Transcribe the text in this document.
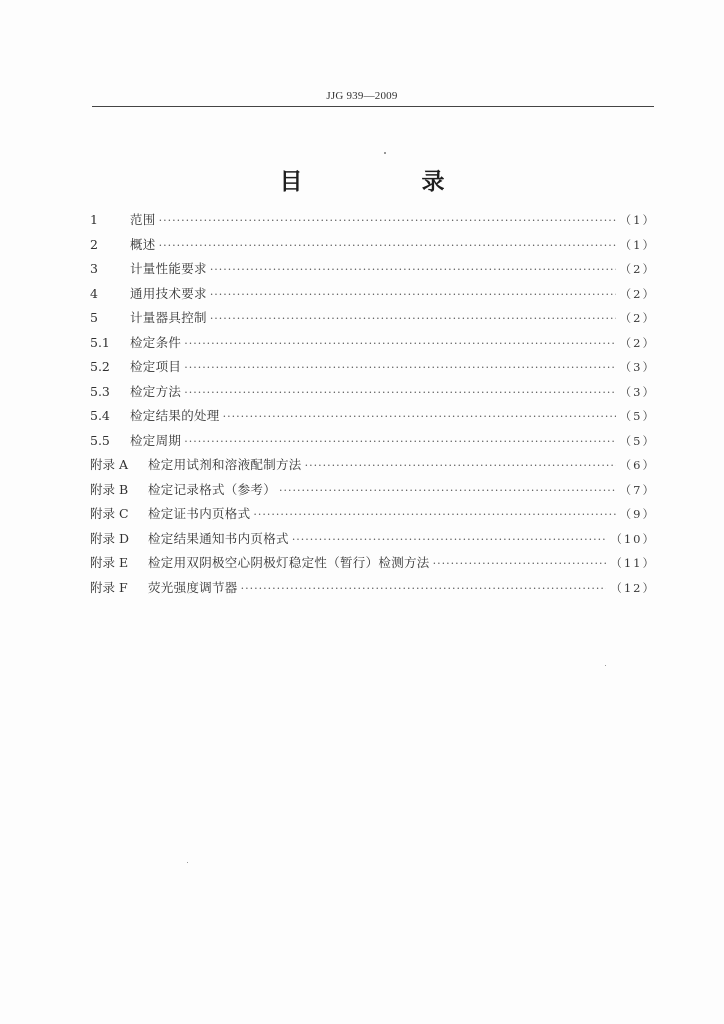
JJG 939—2009
目　录
1	范围 ·····	（1）
2	概述 ·····	（1）
3	计量性能要求 ·····	（2）
4	通用技术要求 ·····	（2）
5	计量器具控制 ·····	（2）
5.1	检定条件 ·····	（2）
5.2	检定项目 ·····	（3）
5.3	检定方法 ·····	（3）
5.4	检定结果的处理 ·····	（5）
5.5	检定周期 ·····	（5）
附录 A	检定用试剂和溶液配制方法 ·····	（6）
附录 B	检定记录格式（参考） ·····	（7）
附录 C	检定证书内页格式 ·····	（9）
附录 D	检定结果通知书内页格式 ·····	（10）
附录 E	检定用双阴极空心阴极灯稳定性（暂行）检测方法 ·····	（11）
附录 F	荧光强度调节器 ·····	（12）
